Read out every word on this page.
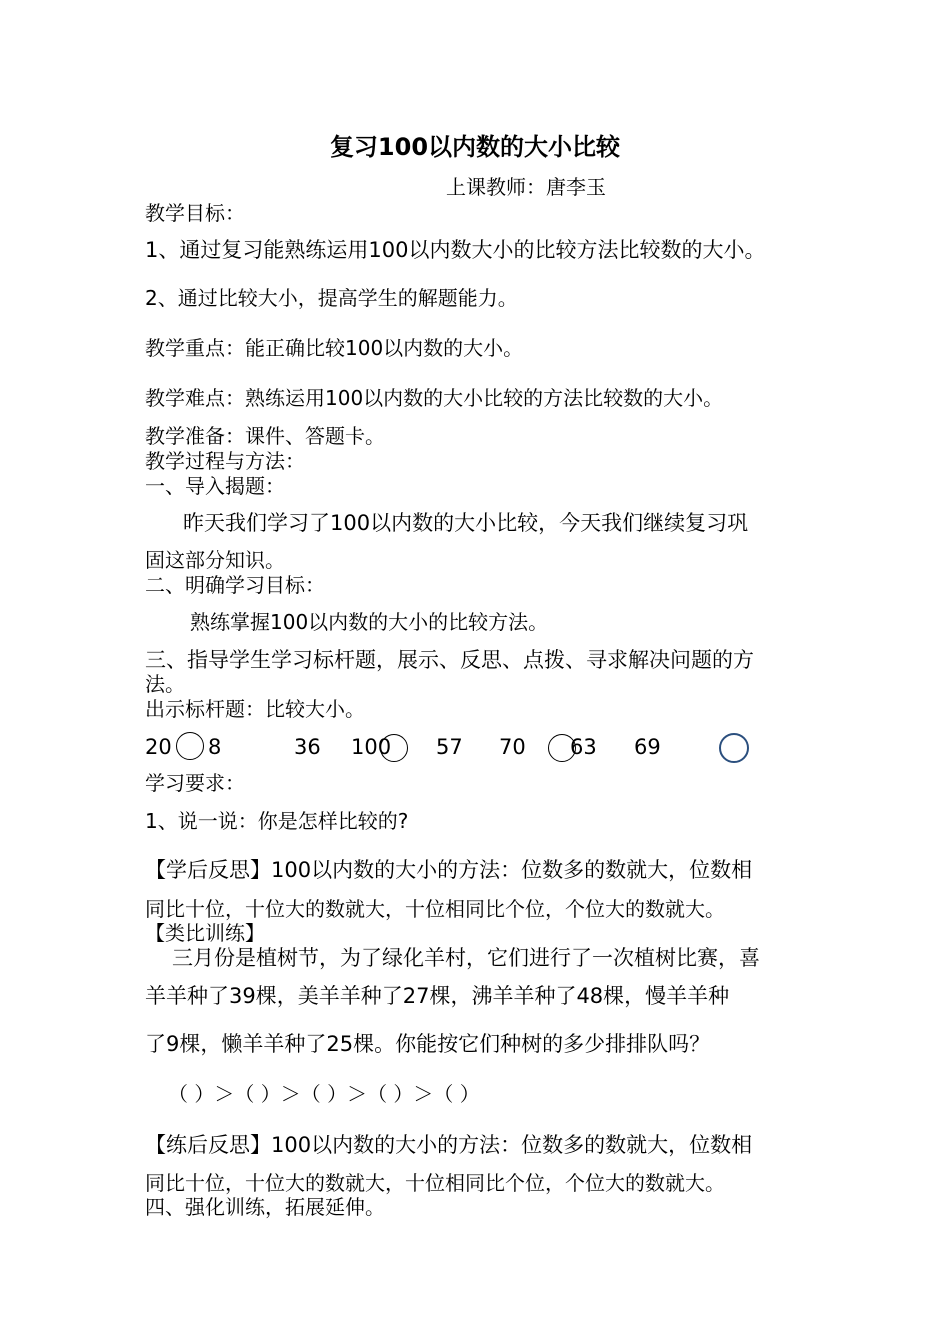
复习100以内数的大小比较
上课教师：唐李玉
教学目标：
1、通过复习能熟练运用100以内数大小的比较方法比较数的大小。
2、通过比较大小，提高学生的解题能力。
教学重点：能正确比较100以内数的大小。
教学难点：熟练运用100以内数的大小比较的方法比较数的大小。
教学准备：课件、答题卡。
教学过程与方法：
一、导入揭题：
昨天我们学习了100以内数的大小比较，今天我们继续复习巩
固这部分知识。
二、明确学习目标：
熟练掌握100以内数的大小的比较方法。
三、指导学生学习标杆题，展示、反思、点拨、寻求解决问题的方
法。
出示标杆题：比较大小。
20 8	36 100 57 70 63 69
学习要求：
1、说一说：你是怎样比较的?
【学后反思】100以内数的大小的方法：位数多的数就大，位数相
同比十位，十位大的数就大，十位相同比个位，个位大的数就大。
【类比训练】
三月份是植树节，为了绿化羊村，它们进行了一次植树比赛，喜
羊羊种了39棵，美羊羊种了27棵，沸羊羊种了48棵，慢羊羊种
了9棵，懒羊羊种了25棵。你能按它们种树的多少排排队吗？
（ ）＞（ ）＞（ ）＞（ ）＞（ ）
【练后反思】100以内数的大小的方法：位数多的数就大，位数相
同比十位，十位大的数就大，十位相同比个位，个位大的数就大。
四、强化训练，拓展延伸。
